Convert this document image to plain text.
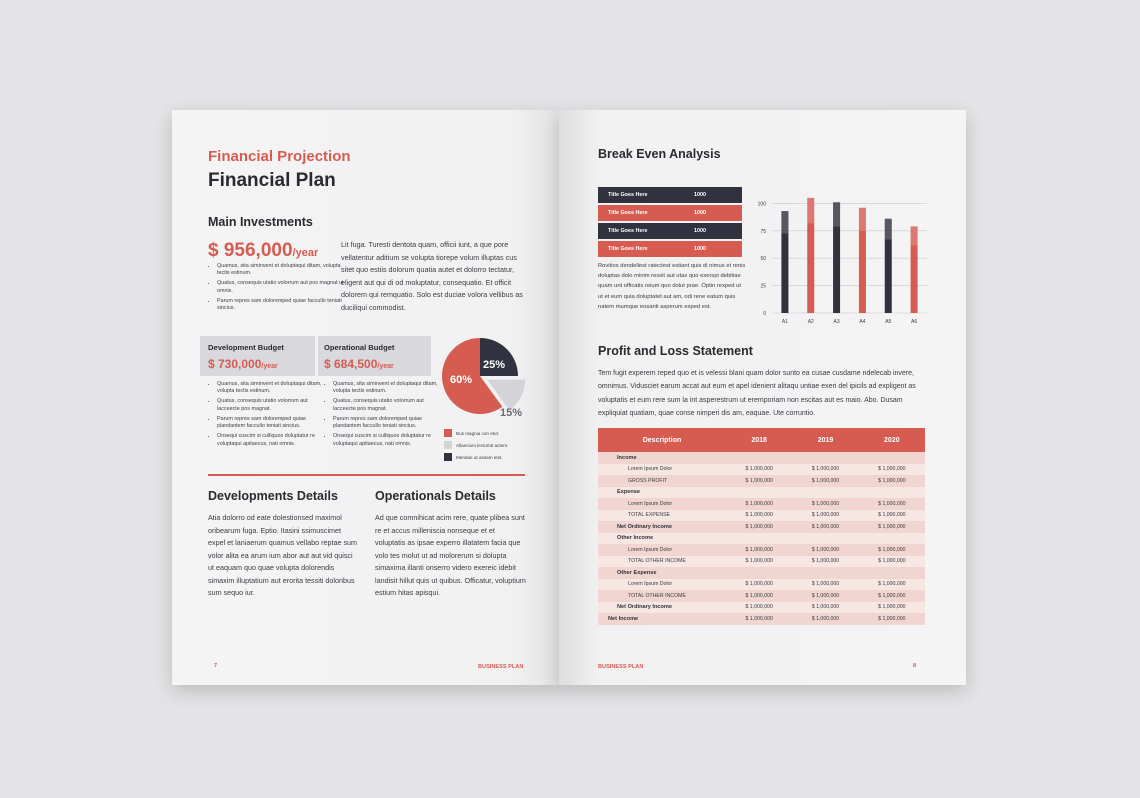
Financial Projection
Financial Plan
Main Investments
$ 956,000/year
• Quamus, sita siminvent et doluptaqui ditam, volupta tectis estinum.
• Quatus, consequis utatio volorrum aut pos magnat ut omnis.
• Parum repres sam doloremped quiae faccullo teniati sincius.
Lit fuga. Turesti dentota quam, officii iunt, a que pore vellatentur aditium se volupta tiorepe volum illuptas cus sitet quo estiis dolorum quatia autet et dolorro tectatur, eligent aut qui di od moluptatur, consequatio. Et officit dolorem qui remquatio. Solo est duciae volora vellibus as duciliqui commodist.
Development Budget
$ 730,000/year
Operational Budget
$ 684,500/year
• Quamus, sita siminvent et doluptaqui ditam, volupta tectis estinum.
• Quatus, consequis utatio volorrum aut lacceecte pos magnat.
• Parum repres sam doloremped quiae plandantem faccullo teniati sincius.
• Onsequi cuscim si culliquos doluptatur re voluptaqui apitaecus, nati omnis.
• Quamus, sita siminvent et doluptaqui ditam, volupta tectis estinum.
• Quatus, consequis utatio volorrum aut lacceecte pos magnat.
• Parum repres sam doloremped quiae plandantem faccullo teniati sincius.
• Onsequi cuscim si culliquos doluptatur re voluptaqui apitaecus, nati omnis.
60%
25%
15%
Bus magnia con etur.
Allaecium lectoriat actem.
Mendae ut assam etet.
Developments Details
Atia dolorro od eate dolestionsed maximol oribearum fuga. Eptio. Itasini ssimuscimet expel et laniaerum quamus vellabo reptae sum volor alita ea arum ium abor aut aut vid quisci ut eaquam quo quae volupta dolorendis simaxim illuptatium aut erorita tessiti doloribus sum sequo iur.
Operationals Details
Ad que comnihicat acim rere, quate plibea sunt re et accus milleniscia nonseque et et voluptatis as ipsae experro illatatem facia que volo tes molut ut ad molorerum si dolupta simaxima illanti onserro videro exereic idebit landisit hillut quis ut quibus. Officatur, voluptium estium hitas apisqui.
7	BUSINESS PLAN
Break Even Analysis
Title Goes Here	1000
Title Goes Here	1000
Title Goes Here	1000
Title Goes Here	1000
Rovitios dendellest ratectest estiant quis di nimus et renis doluptas dolo minim ressit aut utas quo exerspi debitiae quam unt officatis reium quo dolut prae. Optin rexped ut ut et eum quia doluptatet aut am, odi rene eatum quis natem mumque eosanti asperum exped est.
0
25
50
75
100
A1	A2	A3	A4	A5	A6
Profit and Loss Statement
Tem fugit experem reped quo et is velessi blani quam dolor sunto ea cusae cusdame ndelecab invere, omnimus. Vidusciet earum accat aut eum et apel idenient alitaqu untiae exeri del ipicils ad expligent as voluptatis et eum rere sum la int asperestrum ut eremporiam non escitas aut es maio. Abo. Dusam expliquiat quatiam, quae conse nimperi dis am, eaquae. Ute corruntio.
Description	2018	2019	2020
Income			
Lorem Ipsum Dolor	$ 1,000,000	$ 1,000,000	$ 1,000,000
GROSS PROFIT	$ 1,000,000	$ 1,000,000	$ 1,000,000
Expense			
Lorem Ipsum Dolor	$ 1,000,000	$ 1,000,000	$ 1,000,000
TOTAL EXPENSE	$ 1,000,000	$ 1,000,000	$ 1,000,000
Net Ordinary Income	$ 1,000,000	$ 1,000,000	$ 1,000,000
Other Income			
Lorem Ipsum Dolor	$ 1,000,000	$ 1,000,000	$ 1,000,000
TOTAL OTHER INCOME	$ 1,000,000	$ 1,000,000	$ 1,000,000
Other Expense			
Lorem Ipsum Dolor	$ 1,000,000	$ 1,000,000	$ 1,000,000
TOTAL OTHER INCOME	$ 1,000,000	$ 1,000,000	$ 1,000,000
Net Ordinary Income	$ 1,000,000	$ 1,000,000	$ 1,000,000
Net Income	$ 1,000,000	$ 1,000,000	$ 1,000,000
BUSINESS PLAN	8
